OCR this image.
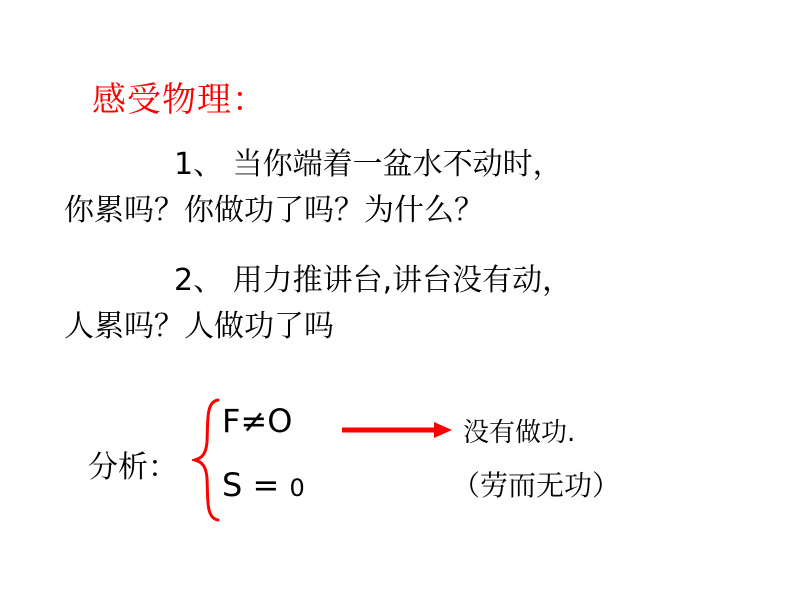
感受物理：
1、 当你端着一盆水不动时，
你累吗？你做功了吗？为什么？
2、 用力推讲台,讲台没有动，
人累吗？人做功了吗
分析：
F≠O
S = 0
没有做功.
（劳而无功）
